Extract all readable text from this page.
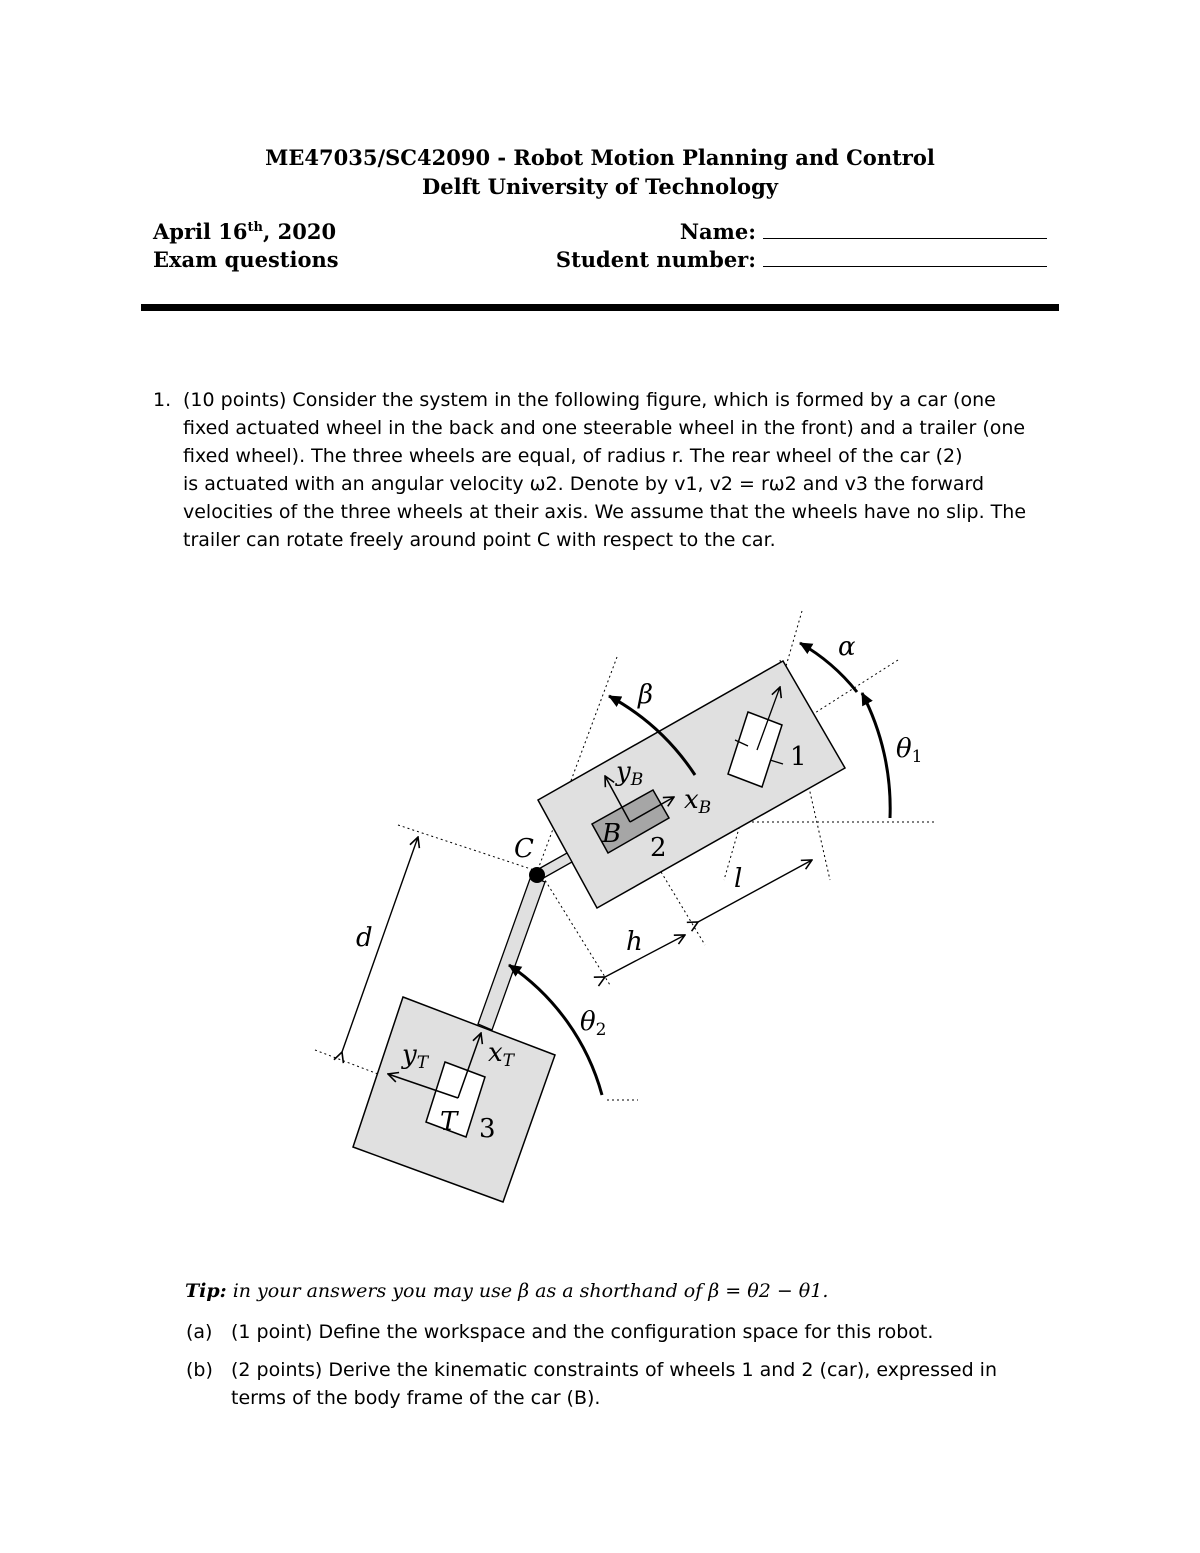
ME47035/SC42090 - Robot Motion Planning and Control
Delft University of Technology
April 16th, 2020
Exam questions
Name:
Student number:
1. (10 points) Consider the system in the following figure, which is formed by a car (one
fixed actuated wheel in the back and one steerable wheel in the front) and a trailer (one
fixed wheel). The three wheels are equal, of radius r. The rear wheel of the car (2)
is actuated with an angular velocity ω2. Denote by v1, v2 = rω2 and v3 the forward
velocities of the three wheels at their axis. We assume that the wheels have no slip. The
trailer can rotate freely around point C with respect to the car.
α
β
θ1
θ2
yB
xB
B
C
1
2
3
l
h
d
yT xT
T
Tip: in your answers you may use β as a shorthand of β = θ2 − θ1.
(a) (1 point) Define the workspace and the configuration space for this robot.
(b) (2 points) Derive the kinematic constraints of wheels 1 and 2 (car), expressed in
terms of the body frame of the car (B).
